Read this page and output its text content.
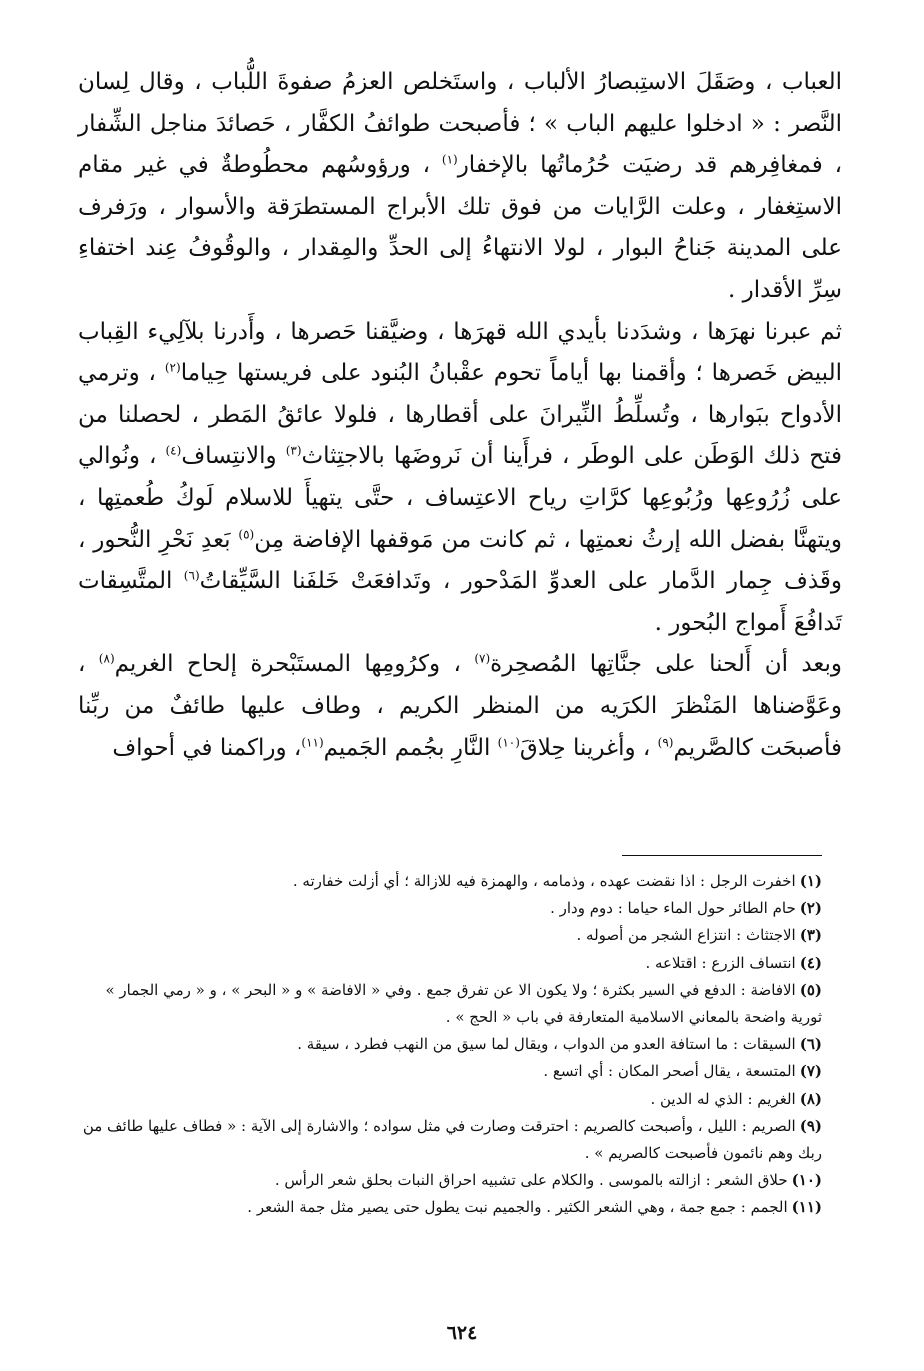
العباب ، وصَقَلَ الاستِبصارُ الألباب ، واستَخلص العزمُ صفوةَ اللُّباب ، وقال لِسان النَّصر : « ادخلوا عليهم الباب » ؛ فأصبحت طوائفُ الكفَّار ، حَصائدَ مناجل الشِّفار ، فمغافِرهم قد رضيَت حُرُماتُها بالإخفار$^{(١)}$ ، ورؤوسُهم محطُوطةٌ في غير مقام الاستِغفار ، وعلت الرَّايات من فوق تلك الأبراج المستطرَقة والأسوار ، ورَفرف على المدينة جَناحُ البوار ، لولا الانتهاءُ إلى الحدِّ والمِقدار ، والوقُوفُ عِند اختفاءِ سِرِّ الأقدار .

ثم عبرنا نهرَها ، وشدَدنا بأيدي الله قهرَها ، وضيَّقنا حَصرها ، وأَدرنا بلآلِيء القِباب البيض خَصرها ؛ وأقمنا بها أياماً تحوم عقْبانُ البُنود على فريستها حِياما$^{(٢)}$ ، وترمي الأدواح ببَوارها ، وتُسلِّطُ النِّيرانَ على أقطارها ، فلولا عائقُ المَطر ، لحصلنا من فتح ذلك الوَطَن على الوطَر ، فرأَينا أن نَروضَها بالاجتِثاث$^{(٣)}$ والانتِساف$^{(٤)}$ ، ونُوالي على زُرُوعِها ورُبُوعِها كرَّاتِ رياح الاعتِساف ، حتَّى يتهيأَ للاسلام لَوكُ طُعمتِها ، ويتهنَّا بفضل الله إرثُ نعمتِها ، ثم كانت من مَوقفها الإفاضة مِن$^{(٥)}$ بَعدِ نَحْرِ النُّحور ، وقَذف جِمار الدَّمار على العدوِّ المَدْحور ، وتَدافعَتْ خَلفَنا السَّيِّقاتُ$^{(٦)}$ المتَّسِقات تَدافُعَ أَمواج البُحور .

وبعد أن أَلحنا على جنَّاتِها المُصحِرة$^{(٧)}$ ، وكرُومِها المستَبْحرة إلحاح الغريم$^{(٨)}$ ، وعَوَّضناها المَنْظرَ الكرَيه من المنظر الكريم ، وطاف عليها طائفٌ من ربِّنا فأصبحَت كالصَّريم$^{(٩)}$ ، وأغرينا حِلاقَ$^{(١٠)}$ النَّارِ بجُمم الجَميم$^{(١١)}$، وراكمنا في أحواف

(١)اخفرت الرجل : اذا نقضت عهده ، وذمامه ، والهمزة فيه للازالة ؛ أي أزلت خفارته .

(٢)حام الطائر حول الماء حياما : دوم ودار .

(٣)الاجتثاث : انتزاع الشجر من أصوله .

(٤)انتساف الزرع : اقتلاعه .

(٥)الافاضة : الدفع في السير بكثرة ؛ ولا يكون الا عن تفرق جمع . وفي « الافاضة » و « البحر » ، و « رمي الجمار » ثورية واضحة بالمعاني الاسلامية المتعارفة في باب « الحج » .

(٦)السيقات : ما استافة العدو من الدواب ، ويقال لما سيق من النهب فطرد ، سيقة .

(٧)المتسعة ، يقال أصحر المكان : أي اتسع .

(٨)الغريم : الذي له الدين .

(٩)الصريم : الليل ، وأصبحت كالصريم : احترقت وصارت في مثل سواده ؛ والاشارة إلى الآية : « فطاف عليها طائف من ربك وهم نائمون فأصبحت كالصريم » .

(١٠)حلاق الشعر : ازالته بالموسى . والكلام على تشبيه احراق النبات بحلق شعر الرأس .

(١١)الجمم : جمع جمة ، وهي الشعر الكثير . والجميم نبت يطول حتى يصير مثل جمة الشعر .

٦٢٤
